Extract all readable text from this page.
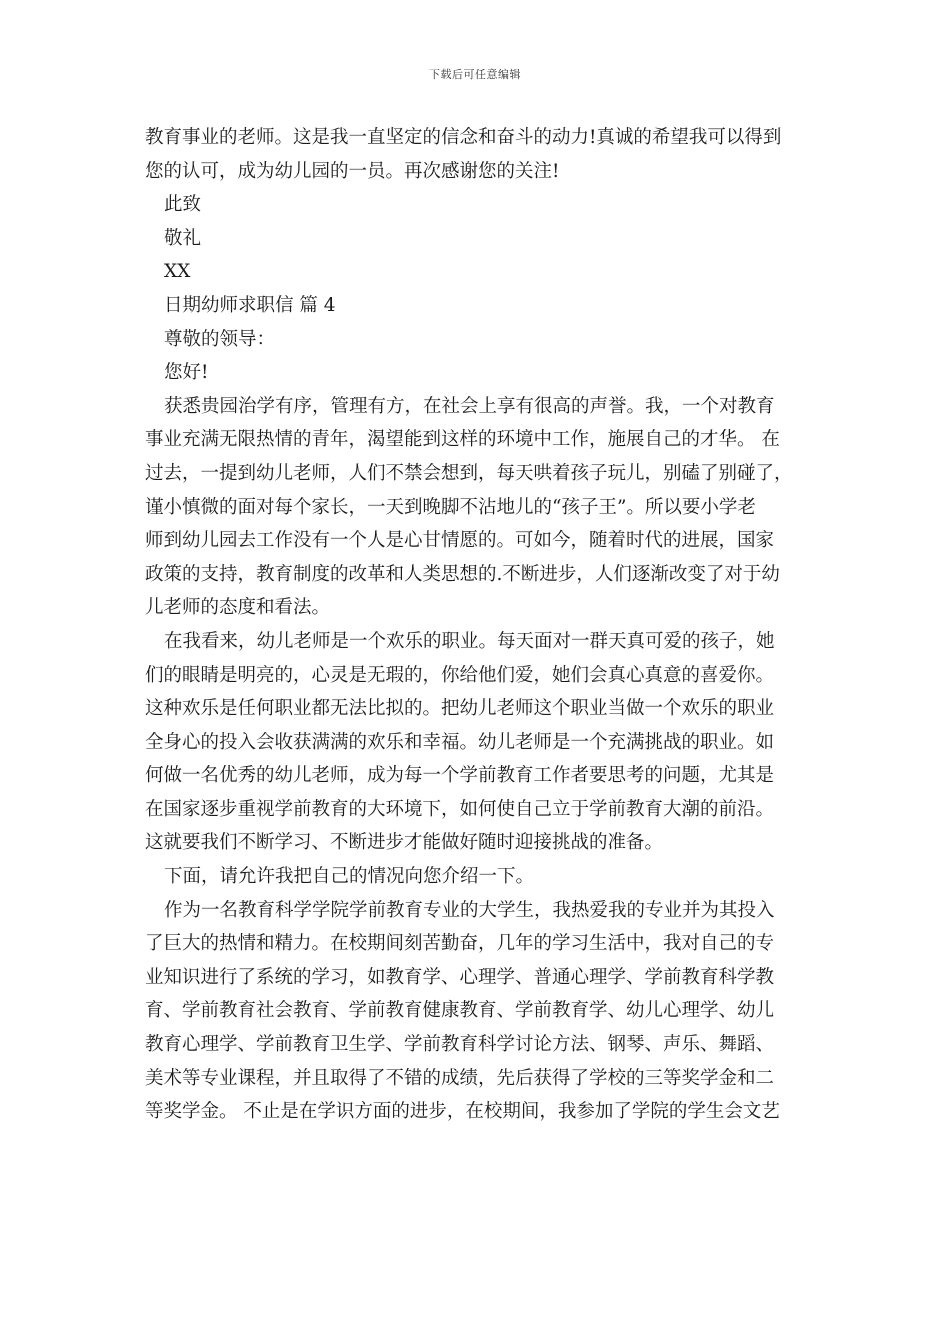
下载后可任意编辑
教育事业的老师。这是我一直坚定的信念和奋斗的动力!真诚的希望我可以得到
您的认可，成为幼儿园的一员。再次感谢您的关注!
此致
敬礼
XX
日期幼师求职信 篇 4
尊敬的领导：
您好!
获悉贵园治学有序，管理有方，在社会上享有很高的声誉。我，一个对教育
事业充满无限热情的青年，渴望能到这样的环境中工作，施展自己的才华。 在
过去，一提到幼儿老师，人们不禁会想到，每天哄着孩子玩儿，别磕了别碰了，
谨小慎微的面对每个家长，一天到晚脚不沾地儿的“孩子王”。所以要小学老
师到幼儿园去工作没有一个人是心甘情愿的。可如今，随着时代的进展，国家
政策的支持，教育制度的改革和人类思想的.不断进步，人们逐渐改变了对于幼
儿老师的态度和看法。
在我看来，幼儿老师是一个欢乐的职业。每天面对一群天真可爱的孩子，她
们的眼睛是明亮的，心灵是无瑕的，你给他们爱，她们会真心真意的喜爱你。
这种欢乐是任何职业都无法比拟的。把幼儿老师这个职业当做一个欢乐的职业
全身心的投入会收获满满的欢乐和幸福。幼儿老师是一个充满挑战的职业。如
何做一名优秀的幼儿老师，成为每一个学前教育工作者要思考的问题，尤其是
在国家逐步重视学前教育的大环境下，如何使自己立于学前教育大潮的前沿。
这就要我们不断学习、不断进步才能做好随时迎接挑战的准备。
下面，请允许我把自己的情况向您介绍一下。
作为一名教育科学学院学前教育专业的大学生，我热爱我的专业并为其投入
了巨大的热情和精力。在校期间刻苦勤奋，几年的学习生活中，我对自己的专
业知识进行了系统的学习，如教育学、心理学、普通心理学、学前教育科学教
育、学前教育社会教育、学前教育健康教育、学前教育学、幼儿心理学、幼儿
教育心理学、学前教育卫生学、学前教育科学讨论方法、钢琴、声乐、舞蹈、
美术等专业课程，并且取得了不错的成绩，先后获得了学校的三等奖学金和二
等奖学金。 不止是在学识方面的进步，在校期间，我参加了学院的学生会文艺
